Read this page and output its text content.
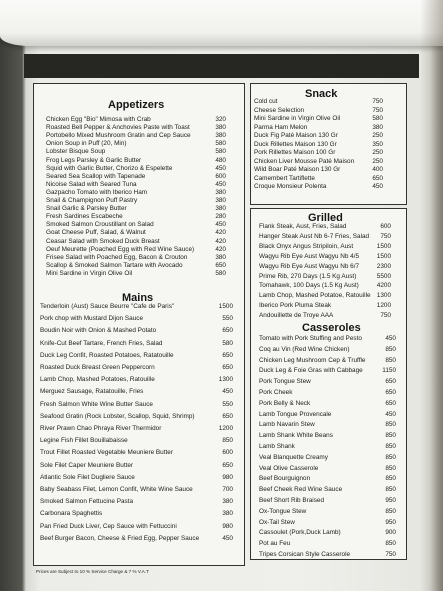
Appetizers
Chicken Egg "Bio" Mimosa with Crab	320
Roasted Bell Pepper & Anchovies Paste with Toast	380
Portobello Mixed Mushroom Gratin and Cep Sauce	380
Onion Soup in Puff (20, Min)	580
Lobster Bisque Soup	580
Frog Legs Parsley & Garlic Butter	480
Squid with Garlic Butter, Chorizo & Espelette	450
Seared Sea Scallop with Tapenade	600
Nicoise Salad with Seared Tuna	450
Gazpacho Tomato with Iberico Ham	380
Snail & Champignon Puff Pastry	380
Snail Garlic & Parsley Butter	380
Fresh Sardines Escabeche	280
Smoked Salmon Croustillant on Salad	450
Goat Cheese Puff, Salad, & Walnut	420
Ceasar Salad with Smoked Duck Breast	420
Oeuf Meurette (Poached Egg with Red Wine Sauce)	420
Frisee Salad with Poached Egg, Bacon & Crouton	380
Scallop & Smoked Salmon Tartare with Avocado	650
Mini Sardine in Virgin Olive Oil	580
Mains
Tenderloin (Aust) Sauce Beurre "Cafe de Paris"	1500
Pork chop with Mustard Dijon Sauce	550
Boudin Noir with Onion & Mashed Potato	650
Knife-Cut Beef Tartare, French Fries, Salad	580
Duck Leg Confit, Roasted Potatoes, Ratatouille	650
Roasted Duck Breast Green Peppercorn	650
Lamb Chop, Mashed Potatoes, Ratouille	1300
Merguez Sausage, Ratatouille, Fries	450
Fresh Salmon White Wine Butter Sauce	550
Seafood Gratin (Rock Lobster, Scallop, Squid, Shrimp)	650
River Prawn Chao Phraya River Thermidor	1200
Legine Fish Fillet Bouillabaisse	850
Trout Fillet Roasted Vegetable Meuniere Butter	600
Sole Filet Caper Meuniere Butter	650
Atlantic Sole Filet Dugliere Sauce	980
Baby Seabass Filet, Lemon Confit, White Wine Sauce	700
Smoked Salmon Fettucine Pasta	380
Carbonara Spaghettis	380
Pan Fried Duck Liver, Cep Sauce with Fettuccini	980
Beef Burger Bacon, Cheese & Fried Egg, Pepper Sauce	450
Snack
Cold cut	750
Cheese Selection	750
Mini Sardine in Virgin Olive Oil	580
Parma Ham Melon	380
Duck Fig Paté Maison 130 Gr	250
Duck Rillettes Maison 130 Gr	350
Pork Rillettes Maison 100 Gr	250
Chicken Liver Mousse Paté Maison	250
Wild Boar Paté Maison 130 Gr	400
Camembert Tartiflette	650
Croque Monsieur Polenta	450
Grilled
Flank Steak, Aust, Fries, Salad	600
Hanger Steak Aust Nb 6-7 Fries, Salad	750
Black Onyx Angus Stripiloin, Aust	1500
Wagyu Rib Eye Aust Wagyu Nb 4/5	1500
Wagyu Rib Eye Aust Wagyu Nb 6/7	2300
Prime Rib, 270 Days (1.5 Kg Aust)	5500
Tomahawk, 100 Days (1.5 Kg Aust)	4200
Lamb Chop, Mashed Potatoe, Ratouille 1300
Iberico Pork Pluma Steak	1200
Andouillette de Troye AAA	750
Casseroles
Tomato with Pork Stuffing and Pesto	450
Coq au Vin (Red Wine Chicken)	850
Chicken Leg Mushroom Cep & Truffle	850
Duck Leg & Foie Gras with Cabbage	1150
Pork Tongue Stew	650
Pork Cheek	650
Pork Belly & Neck	650
Lamb Tongue Provencale	450
Lamb Navarin Stew	850
Lamb Shank White Beans	850
Lamb Shank	850
Veal Blanquette Creamy	850
Veal Olive Casserole	850
Beef Bourguignon	850
Beef Cheek Red Wine Sauce	850
Beef Short Rib Braised	950
Ox-Tongue Stew	850
Ox-Tail Stew	950
Cassoulet (Pork,Duck Lamb)	900
Pot au Feu	850
Tripes Corsican Style Casserole	750
Prices are Subject to 10 % Service Charge & 7 % V.A.T
